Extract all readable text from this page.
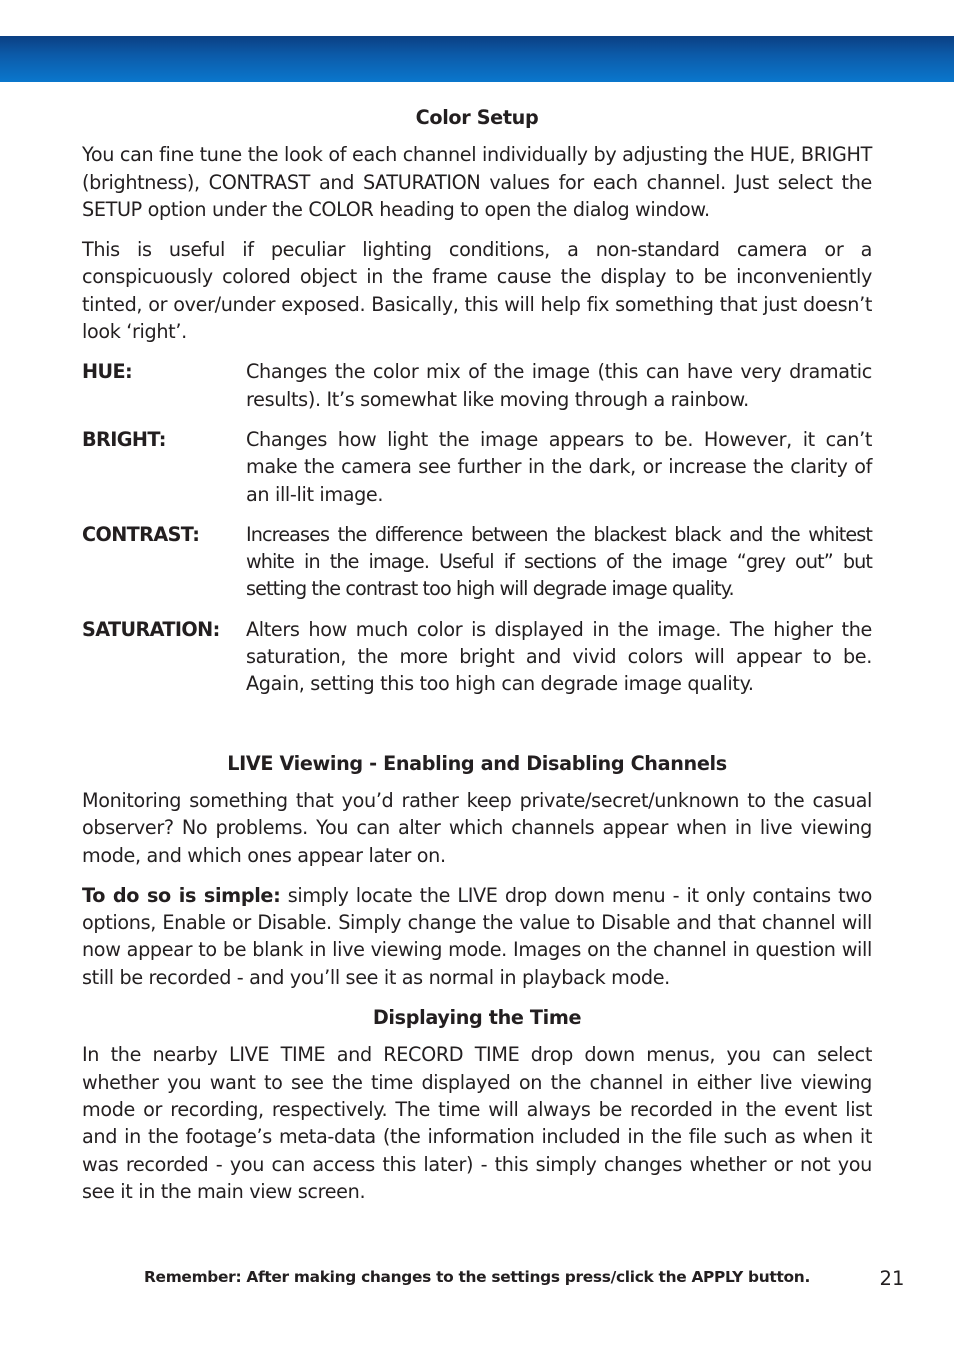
Color Setup

You can fine tune the look of each channel individually by adjusting the HUE, BRIGHT (brightness), CONTRAST and SATURATION values for each channel. Just select the SETUP option under the COLOR heading to open the dialog window.

This is useful if peculiar lighting conditions, a non-standard camera or a conspicuously colored object in the frame cause the display to be inconveniently tinted, or over/under exposed. Basically, this will help fix something that just doesn’t look ‘right’.

HUE:	Changes the color mix of the image (this can have very dramatic results). It’s somewhat like moving through a rainbow.
BRIGHT:	Changes how light the image appears to be. However, it can’t make the camera see further in the dark, or increase the clarity of an ill-lit image.
CONTRAST:	Increases the difference between the blackest black and the whitest white in the image. Useful if sections of the image “grey out” but setting the contrast too high will degrade image quality.
SATURATION:	Alters how much color is displayed in the image. The higher the saturation, the more bright and vivid colors will appear to be. Again, setting this too high can degrade image quality.
LIVE Viewing - Enabling and Disabling Channels

Monitoring something that you’d rather keep private/secret/unknown to the casual observer? No problems. You can alter which channels appear when in live viewing mode, and which ones appear later on.

To do so is simple: simply locate the LIVE drop down menu - it only contains two options, Enable or Disable. Simply change the value to Disable and that channel will now appear to be blank in live viewing mode. Images on the channel in question will still be recorded - and you’ll see it as normal in playback mode.

Displaying the Time

In the nearby LIVE TIME and RECORD TIME drop down menus, you can select whether you want to see the time displayed on the channel in either live viewing mode or recording, respectively. The time will always be recorded in the event list and in the footage’s meta-data (the information included in the file such as when it was recorded - you can access this later) - this simply changes whether or not you see it in the main view screen.

Remember: After making changes to the settings press/click the APPLY button.	21
